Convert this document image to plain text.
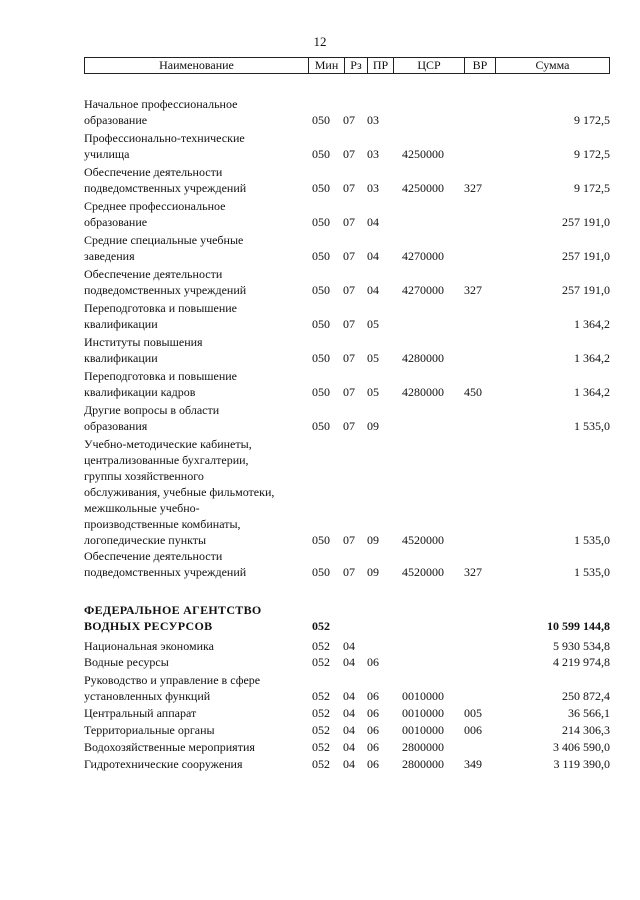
12
Наименование	Мин	Рз ПР	ЦСР	ВР	Сумма
Начальное профессиональное
образование	050 07 03	9 172,5
Профессионально-технические
училища	050 07 03 4250000	9 172,5
Обеспечение деятельности
подведомственных учреждений	050 07 03 4250000 327	9 172,5
Среднее профессиональное
образование	050 07 04	257 191,0
Средние специальные учебные
заведения	050 07 04 4270000	257 191,0
Обеспечение деятельности
подведомственных учреждений	050 07 04 4270000 327	257 191,0
Переподготовка и повышение
квалификации	050 07 05	1 364,2
Институты повышения
квалификации	050 07 05 4280000	1 364,2
Переподготовка и повышение
квалификации кадров	050 07 05 4280000 450	1 364,2
Другие вопросы в области
образования	050 07 09	1 535,0
Учебно-методические кабинеты,
централизованные бухгалтерии,
группы хозяйственного
обслуживания, учебные фильмотеки,
межшкольные учебно-
производственные комбинаты,
логопедические пункты	050 07 09 4520000	1 535,0
Обеспечение деятельности
подведомственных учреждений	050 07 09 4520000 327	1 535,0
ФЕДЕРАЛЬНОЕ АГЕНТСТВО
ВОДНЫХ РЕСУРСОВ	052	10 599 144,8
Национальная экономика	052 04	5 930 534,8
Водные ресурсы	052 04 06	4 219 974,8
Руководство и управление в сфере
установленных функций	052 04 06 0010000	250 872,4
Центральный аппарат	052 04 06 0010000 005	36 566,1
Территориальные органы	052 04 06 0010000 006	214 306,3
Водохозяйственные мероприятия	052 04 06 2800000	3 406 590,0
Гидротехнические сооружения	052 04 06 2800000 349	3 119 390,0
